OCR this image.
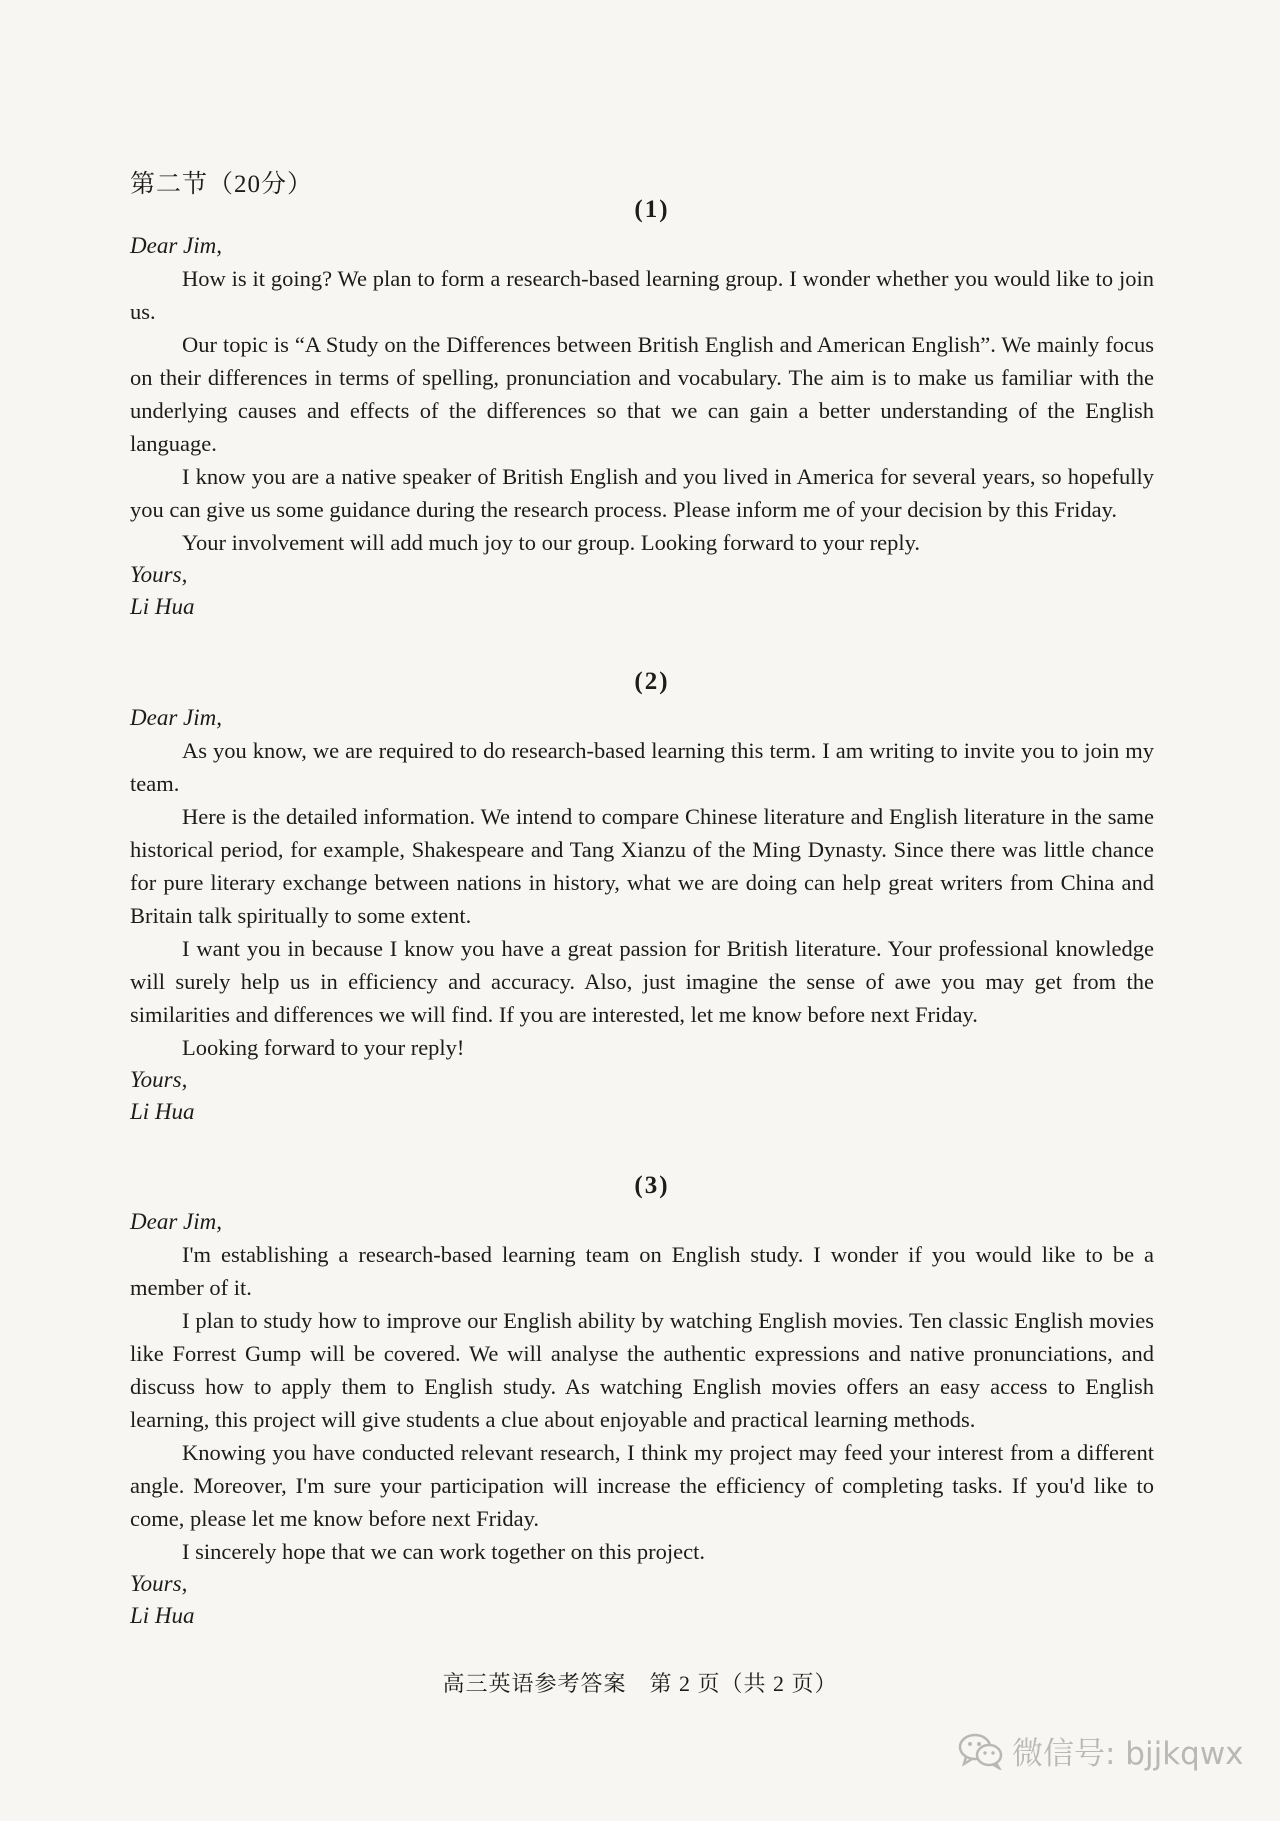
第二节（20分）
(1)

Dear Jim,

How is it going? We plan to form a research-based learning group. I wonder whether you would like to join us.

Our topic is “A Study on the Differences between British English and American English”. We mainly focus on their differences in terms of spelling, pronunciation and vocabulary. The aim is to make us familiar with the underlying causes and effects of the differences so that we can gain a better understanding of the English language.

I know you are a native speaker of British English and you lived in America for several years, so hopefully you can give us some guidance during the research process. Please inform me of your decision by this Friday.

Your involvement will add much joy to our group. Looking forward to your reply.

Yours,

Li Hua

(2)

Dear Jim,

As you know, we are required to do research-based learning this term. I am writing to invite you to join my team.

Here is the detailed information. We intend to compare Chinese literature and English literature in the same historical period, for example, Shakespeare and Tang Xianzu of the Ming Dynasty. Since there was little chance for pure literary exchange between nations in history, what we are doing can help great writers from China and Britain talk spiritually to some extent.

I want you in because I know you have a great passion for British literature. Your professional knowledge will surely help us in efficiency and accuracy. Also, just imagine the sense of awe you may get from the similarities and differences we will find. If you are interested, let me know before next Friday.

Looking forward to your reply!

Yours,

Li Hua

(3)

Dear Jim,

I'm establishing a research-based learning team on English study. I wonder if you would like to be a member of it.

I plan to study how to improve our English ability by watching English movies. Ten classic English movies like Forrest Gump will be covered. We will analyse the authentic expressions and native pronunciations, and discuss how to apply them to English study. As watching English movies offers an easy access to English learning, this project will give students a clue about enjoyable and practical learning methods.

Knowing you have conducted relevant research, I think my project may feed your interest from a different angle. Moreover, I'm sure your participation will increase the efficiency of completing tasks. If you'd like to come, please let me know before next Friday.

I sincerely hope that we can work together on this project.

Yours,

Li Hua

高三英语参考答案　第 2 页（共 2 页）
微信号: bjjkqwx
